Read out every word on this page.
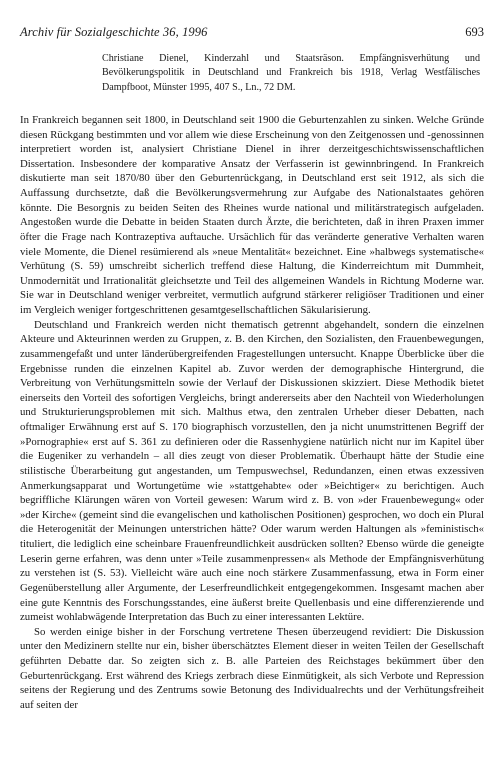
Archiv für Sozialgeschichte 36, 1996	693

Christiane Dienel, Kinderzahl und Staatsräson. Empfängnisverhütung und Bevölkerungspolitik in Deutschland und Frankreich bis 1918, Verlag Westfälisches Dampfboot, Münster 1995, 407 S., Ln., 72 DM.

In Frankreich begannen seit 1800, in Deutschland seit 1900 die Geburtenzahlen zu sinken. Welche Gründe diesen Rückgang bestimmten und vor allem wie diese Erscheinung von den Zeitgenossen und -genossinnen interpretiert worden ist, analysiert Christiane Dienel in ihrer derzeitgeschichtswissenschaftlichen Dissertation. Insbesondere der komparative Ansatz der Verfasserin ist gewinnbringend. In Frankreich diskutierte man seit 1870/80 über den Geburtenrückgang, in Deutschland erst seit 1912, als sich die Auffassung durchsetzte, daß die Bevölkerungsvermehrung zur Aufgabe des Nationalstaates gehören könnte. Die Besorgnis zu beiden Seiten des Rheines wurde national und militärstrategisch aufgeladen. Angestoßen wurde die Debatte in beiden Staaten durch Ärzte, die berichteten, daß in ihren Praxen immer öfter die Frage nach Kontrazeptiva auftauche. Ursächlich für das veränderte generative Verhalten waren viele Momente, die Dienel resümierend als »neue Mentalität« bezeichnet. Eine »halbwegs systematische« Verhütung (S. 59) umschreibt sicherlich treffend diese Haltung, die Kinderreichtum mit Dummheit, Unmodernität und Irrationalität gleichsetzte und Teil des allgemeinen Wandels in Richtung Moderne war. Sie war in Deutschland weniger verbreitet, vermutlich aufgrund stärkerer religiöser Traditionen und einer im Vergleich weniger fortgeschrittenen gesamtgesellschaftlichen Säkularisierung.

Deutschland und Frankreich werden nicht thematisch getrennt abgehandelt, sondern die einzelnen Akteure und Akteurinnen werden zu Gruppen, z. B. den Kirchen, den Sozialisten, den Frauenbewegungen, zusammengefaßt und unter länderübergreifenden Fragestellungen untersucht. Knappe Überblicke über die Ergebnisse runden die einzelnen Kapitel ab. Zuvor werden der demographische Hintergrund, die Verbreitung von Verhütungsmitteln sowie der Verlauf der Diskussionen skizziert. Diese Methodik bietet einerseits den Vorteil des sofortigen Vergleichs, bringt andererseits aber den Nachteil von Wiederholungen und Strukturierungsproblemen mit sich. Malthus etwa, den zentralen Urheber dieser Debatten, nach oftmaliger Erwähnung erst auf S. 170 biographisch vorzustellen, den ja nicht unumstrittenen Begriff der »Pornographie« erst auf S. 361 zu definieren oder die Rassenhygiene natürlich nicht nur im Kapitel über die Eugeniker zu verhandeln – all dies zeugt von dieser Problematik. Überhaupt hätte der Studie eine stilistische Überarbeitung gut angestanden, um Tempuswechsel, Redundanzen, einen etwas exzessiven Anmerkungsapparat und Wortungetüme wie »stattgehabte« oder »Beichtiger« zu berichtigen. Auch begriffliche Klärungen wären von Vorteil gewesen: Warum wird z. B. von »der Frauenbewegung« oder »der Kirche« (gemeint sind die evangelischen und katholischen Positionen) gesprochen, wo doch ein Plural die Heterogenität der Meinungen unterstrichen hätte? Oder warum werden Haltungen als »feministisch« tituliert, die lediglich eine scheinbare Frauenfreundlichkeit ausdrücken sollten? Ebenso würde die geneigte Leserin gerne erfahren, was denn unter »Teile zusammenpressen« als Methode der Empfängnisverhütung zu verstehen ist (S. 53). Vielleicht wäre auch eine noch stärkere Zusammenfassung, etwa in Form einer Gegenüberstellung aller Argumente, der Leserfreundlichkeit entgegengekommen. Insgesamt machen aber eine gute Kenntnis des Forschungsstandes, eine äußerst breite Quellenbasis und eine differenzierende und zumeist wohlabwägende Interpretation das Buch zu einer interessanten Lektüre.

So werden einige bisher in der Forschung vertretene Thesen überzeugend revidiert: Die Diskussion unter den Medizinern stellte nur ein, bisher überschätztes Element dieser in weiten Teilen der Gesellschaft geführten Debatte dar. So zeigten sich z. B. alle Parteien des Reichstages bekümmert über den Geburtenrückgang. Erst während des Kriegs zerbrach diese Einmütigkeit, als sich Verbote und Repression seitens der Regierung und des Zentrums sowie Betonung des Individualrechts und der Verhütungsfreiheit auf seiten der
